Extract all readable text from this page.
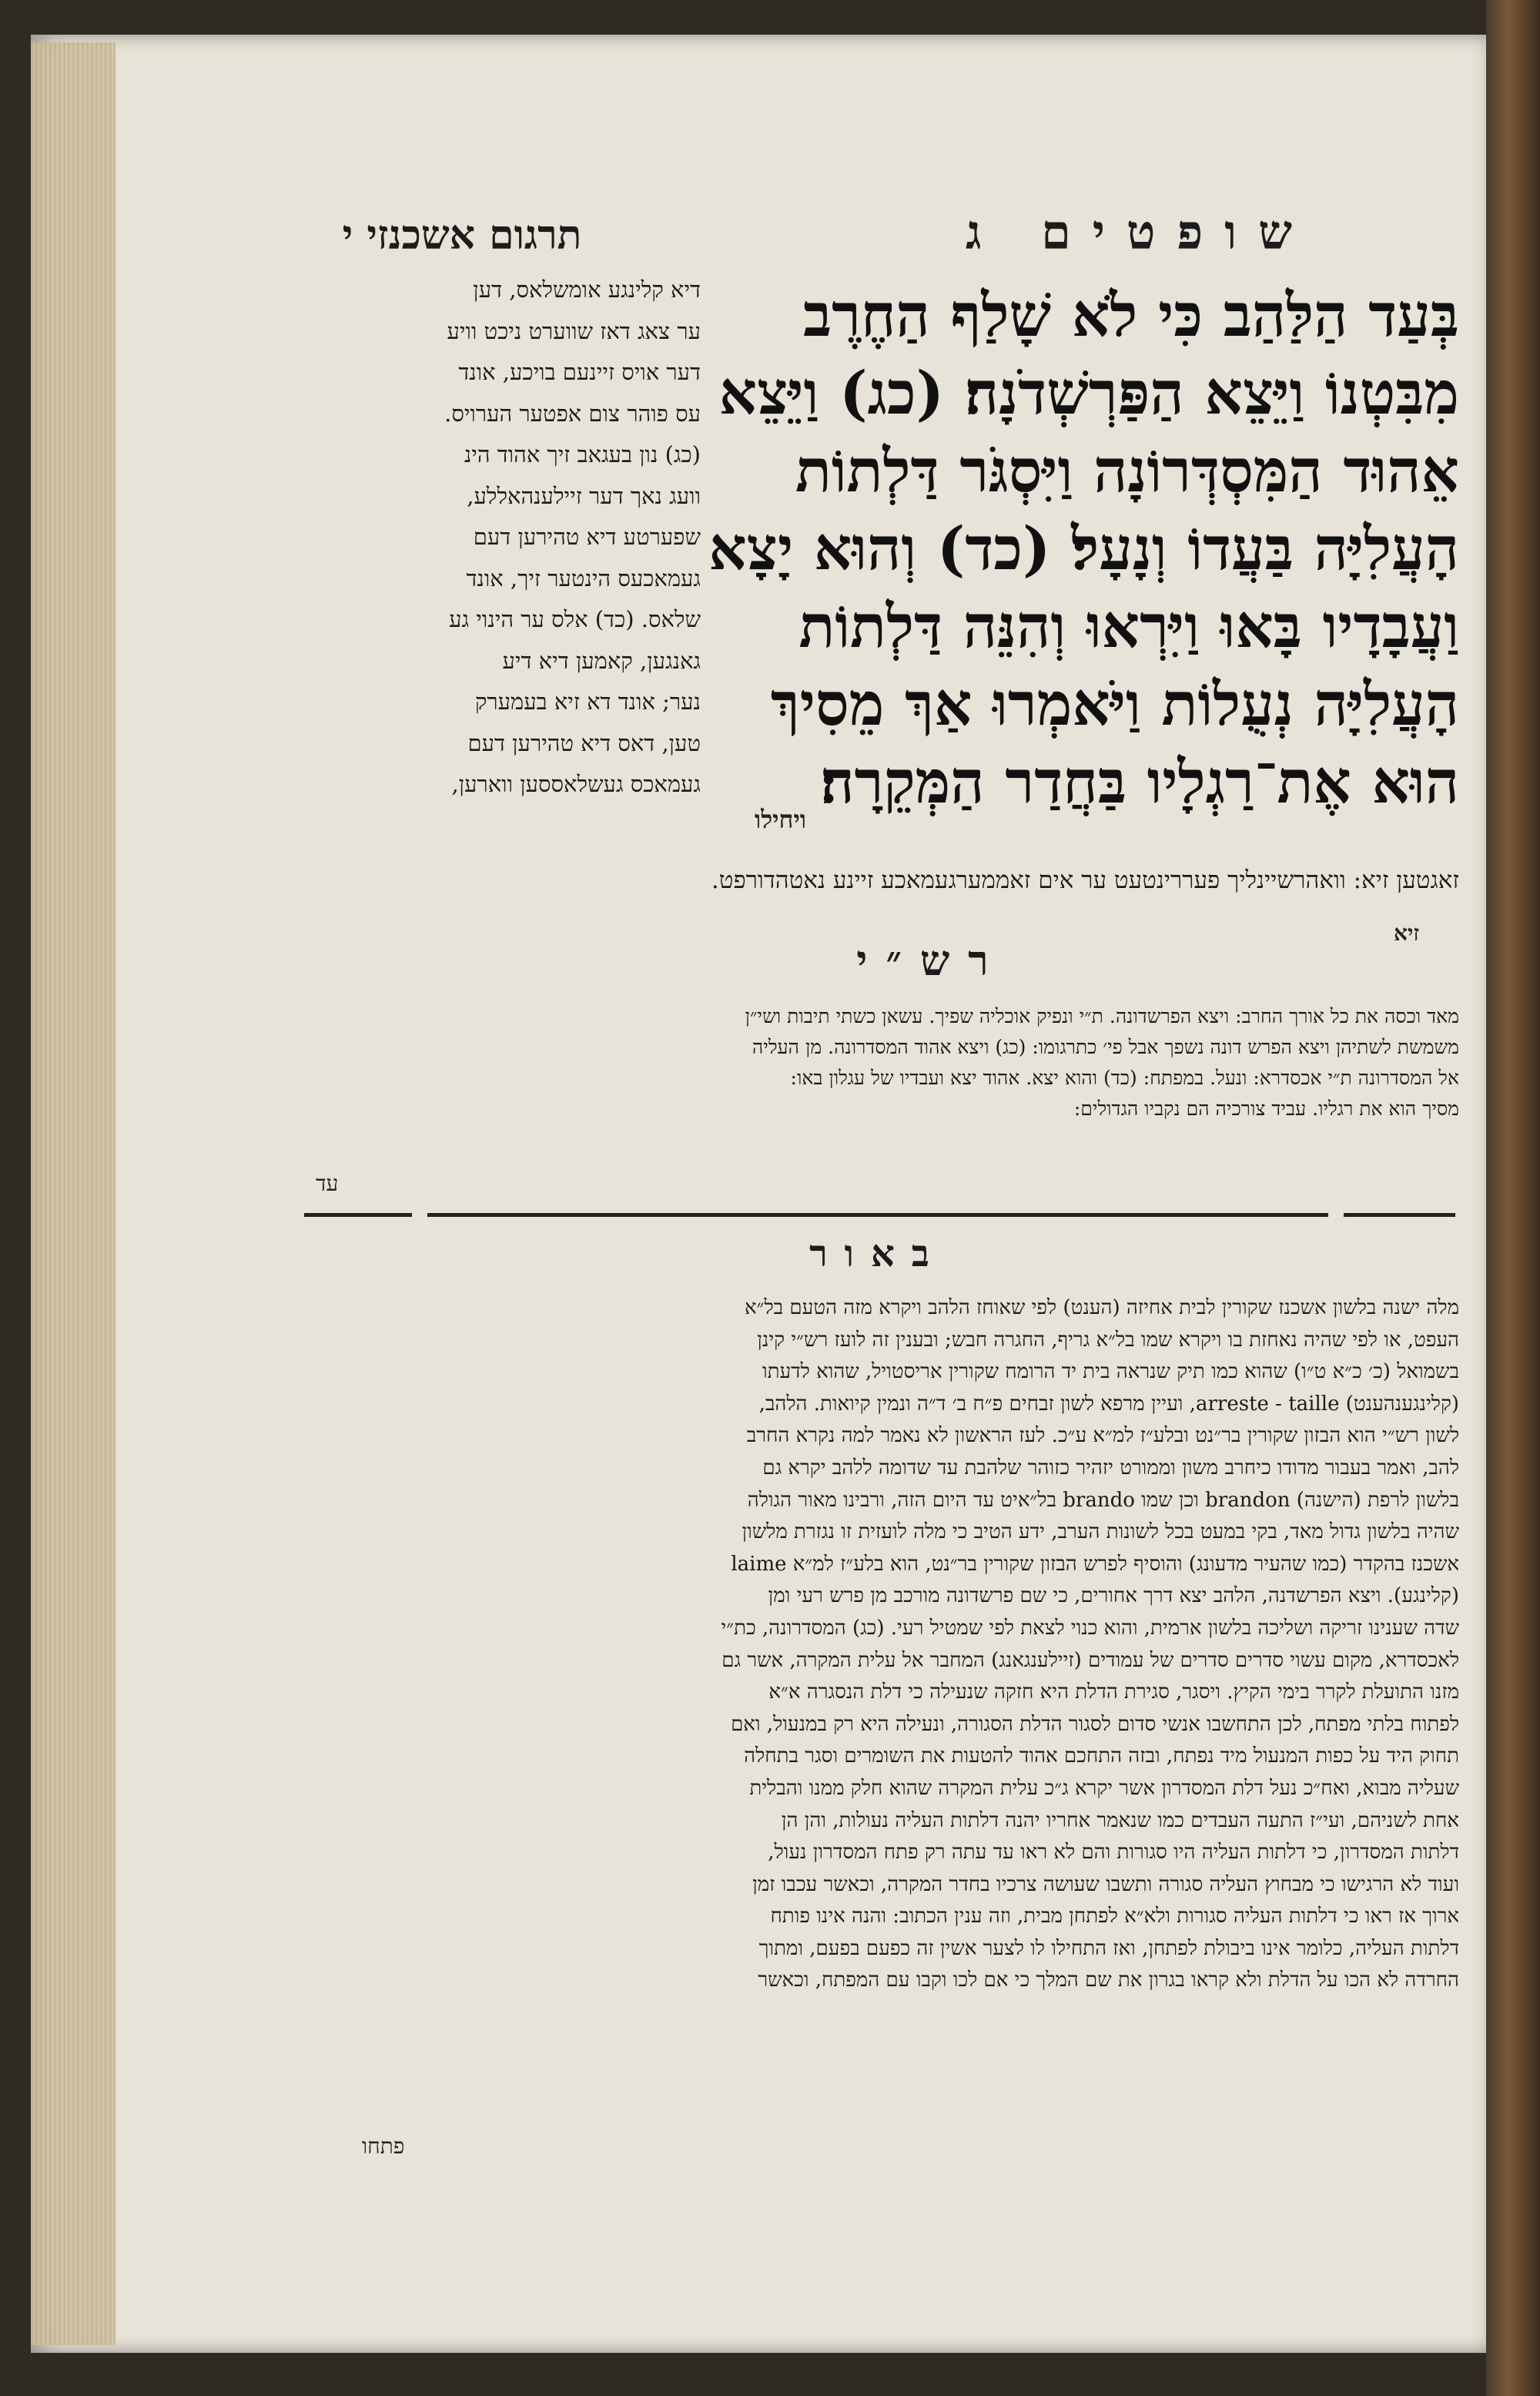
שופטים ג
תרגום אשכנזי י
בְּעַד הַלַּהַב כִּי לֹא שָׁלַף הַחֶרֶב
מִבִּטְנוֹ וַיֵּצֵא הַפַּרְשְׁדֹנָה׃ (כג) וַיֵּצֵא
אֵהוּד הַמִּסְדְּרוֹנָה וַיִּסְגֹּר דַּלְתוֹת
הָעֲלִיָּה בַּעֲדוֹ וְנָעָל׃ (כד) וְהוּא יָצָא
וַעֲבָדָיו בָּאוּ וַיִּרְאוּ וְהִנֵּה דַּלְתוֹת
הָעֲלִיָּה נְעֻלוֹת וַיֹּאמְרוּ אַךְ מֵסִיךְ
הוּא אֶת־רַגְלָיו בַּחֲדַר הַמְּקֵרָה׃
ויחילו
דיא קלינגע אומשלאס, דען
ער צאג דאז שווערט ניכט וויע
דער אויס זיינעם בויכע, אונד
עס פוהר צום אפטער הערויס.
(כג) נון בעגאב זיך אהוד הינ
וועג נאך דער זיילענהאללע,
שפערטע דיא טהירען דעם
געמאכעס הינטער זיך, אונד
שלאס. (כד) אלס ער הינוי גע
גאנגען, קאמען דיא דיע
נער; אונד דא זיא בעמערק
טען, דאס דיא טהירען דעם
געמאכס געשלאססען ווארען,
זאגטען זיא: וואהרשיינליך פעררינטעט ער אים זאממערגעמאכע זיינע נאטהדורפט.
זיא
רש״י
מאד וכסה את כל אורך החרב: ויצא הפרשדונה. ת״י ונפיק אוכליה שפיך. עשאן כשתי תיבות ושי״ן
משמשת לשתיהן ויצא הפרש דונה נשפך אבל פי׳ כתרגומו: (כג) ויצא אהוד המסדרונה. מן העליה
אל המסדרונה ת״י אכסדרא: ונעל. במפתח: (כד) והוא יצא. אהוד יצא ועבדיו של עגלון באו:
מסיך הוא את רגליו. עביד צורכיה הם נקביו הגדולים:
עד
באור
מלה ישנה בלשון אשכנז שקורין לבית אחיזה (הענט) לפי שאוחז הלהב ויקרא מזה הטעם בל״א
העפט, או לפי שהיה נאחזת בו ויקרא שמו בל״א גריף, החגרה חבש; ובענין זה לועז רש״י קינן
בשמואל (כ׳ כ״א ט״ו) שהוא כמו תיק שנראה בית יד הרומח שקורין אריסטויל, שהוא לדעתו
(קלינגענהענט) arreste - taille, ועיין מרפא לשון זבחים פ״ח ב׳ ד״ה ונמין קיואות. הלהב,
לשון רש״י הוא הבזון שקורין בר״נט ובלע״ז למ״א ע״כ. לעז הראשון לא נאמר למה נקרא החרב
להב, ואמר בעבור מדודו כיחרב משון וממורט יזהיר כזוהר שלהבת עד שדומה ללהב יקרא גם
בלשון לרפת (הישנה) brandon וכן שמו brando בל״איט עד היום הזה, ורבינו מאור הגולה
שהיה בלשון גדול מאד, בקי במעט בכל לשונות הערב, ידע הטיב כי מלה לועזית זו נגזרת מלשון
אשכנז בהקדר (כמו שהעיר מדעונג) והוסיף לפרש הבזון שקורין בר״נט, הוא בלע״ז למ״א laime
(קלינגע). ויצא הפרשדנה, הלהב יצא דרך אחורים, כי שם פרשדונה מורכב מן פרש רעי ומן
שדה שענינו זריקה ושליכה בלשון ארמית, והוא כנוי לצאת לפי שמטיל רעי. (כג) המסדרונה, כת״י
לאכסדרא, מקום עשוי סדרים סדרים של עמודים (זיילענגאנג) המחבר אל עלית המקרה, אשר גם
מזנו התועלת לקרר בימי הקיץ. ויסגר, סגירת הדלת היא חזקה שנעילה כי דלת הנסגרה א״א
לפתוח בלתי מפתח, לכן התחשבו אנשי סדום לסגור הדלת הסגורה, ונעילה היא רק במנעול, ואם
תחוק היד על כפות המנעול מיד נפתח, ובזה התחכם אהוד להטעות את השומרים וסגר בתחלה
שעליה מבוא, ואח״כ נעל דלת המסדרון אשר יקרא ג״כ עלית המקרה שהוא חלק ממנו והבלית
אחת לשניהם, ועי״ז התעה העבדים כמו שנאמר אחריו יהנה דלתות העליה נעולות, והן הן
דלתות המסדרון, כי דלתות העליה היו סגורות והם לא ראו עד עתה רק פתח המסדרון נעול,
ועוד לא הרגישו כי מבחוץ העליה סגורה ותשבו שעושה צרכיו בחדר המקרה, וכאשר עכבו זמן
ארוך אז ראו כי דלתות העליה סגורות ולא״א לפתחן מבית, וזה ענין הכתוב: והנה אינו פותח
דלתות העליה, כלומר אינו ביבולת לפתחן, ואז התחילו לו לצער אשין זה כפעם בפעם, ומתוך
החרדה לא הכו על הדלת ולא קראו בגרון את שם המלך כי אם לכו וקבו עם המפתח, וכאשר
פתחו
